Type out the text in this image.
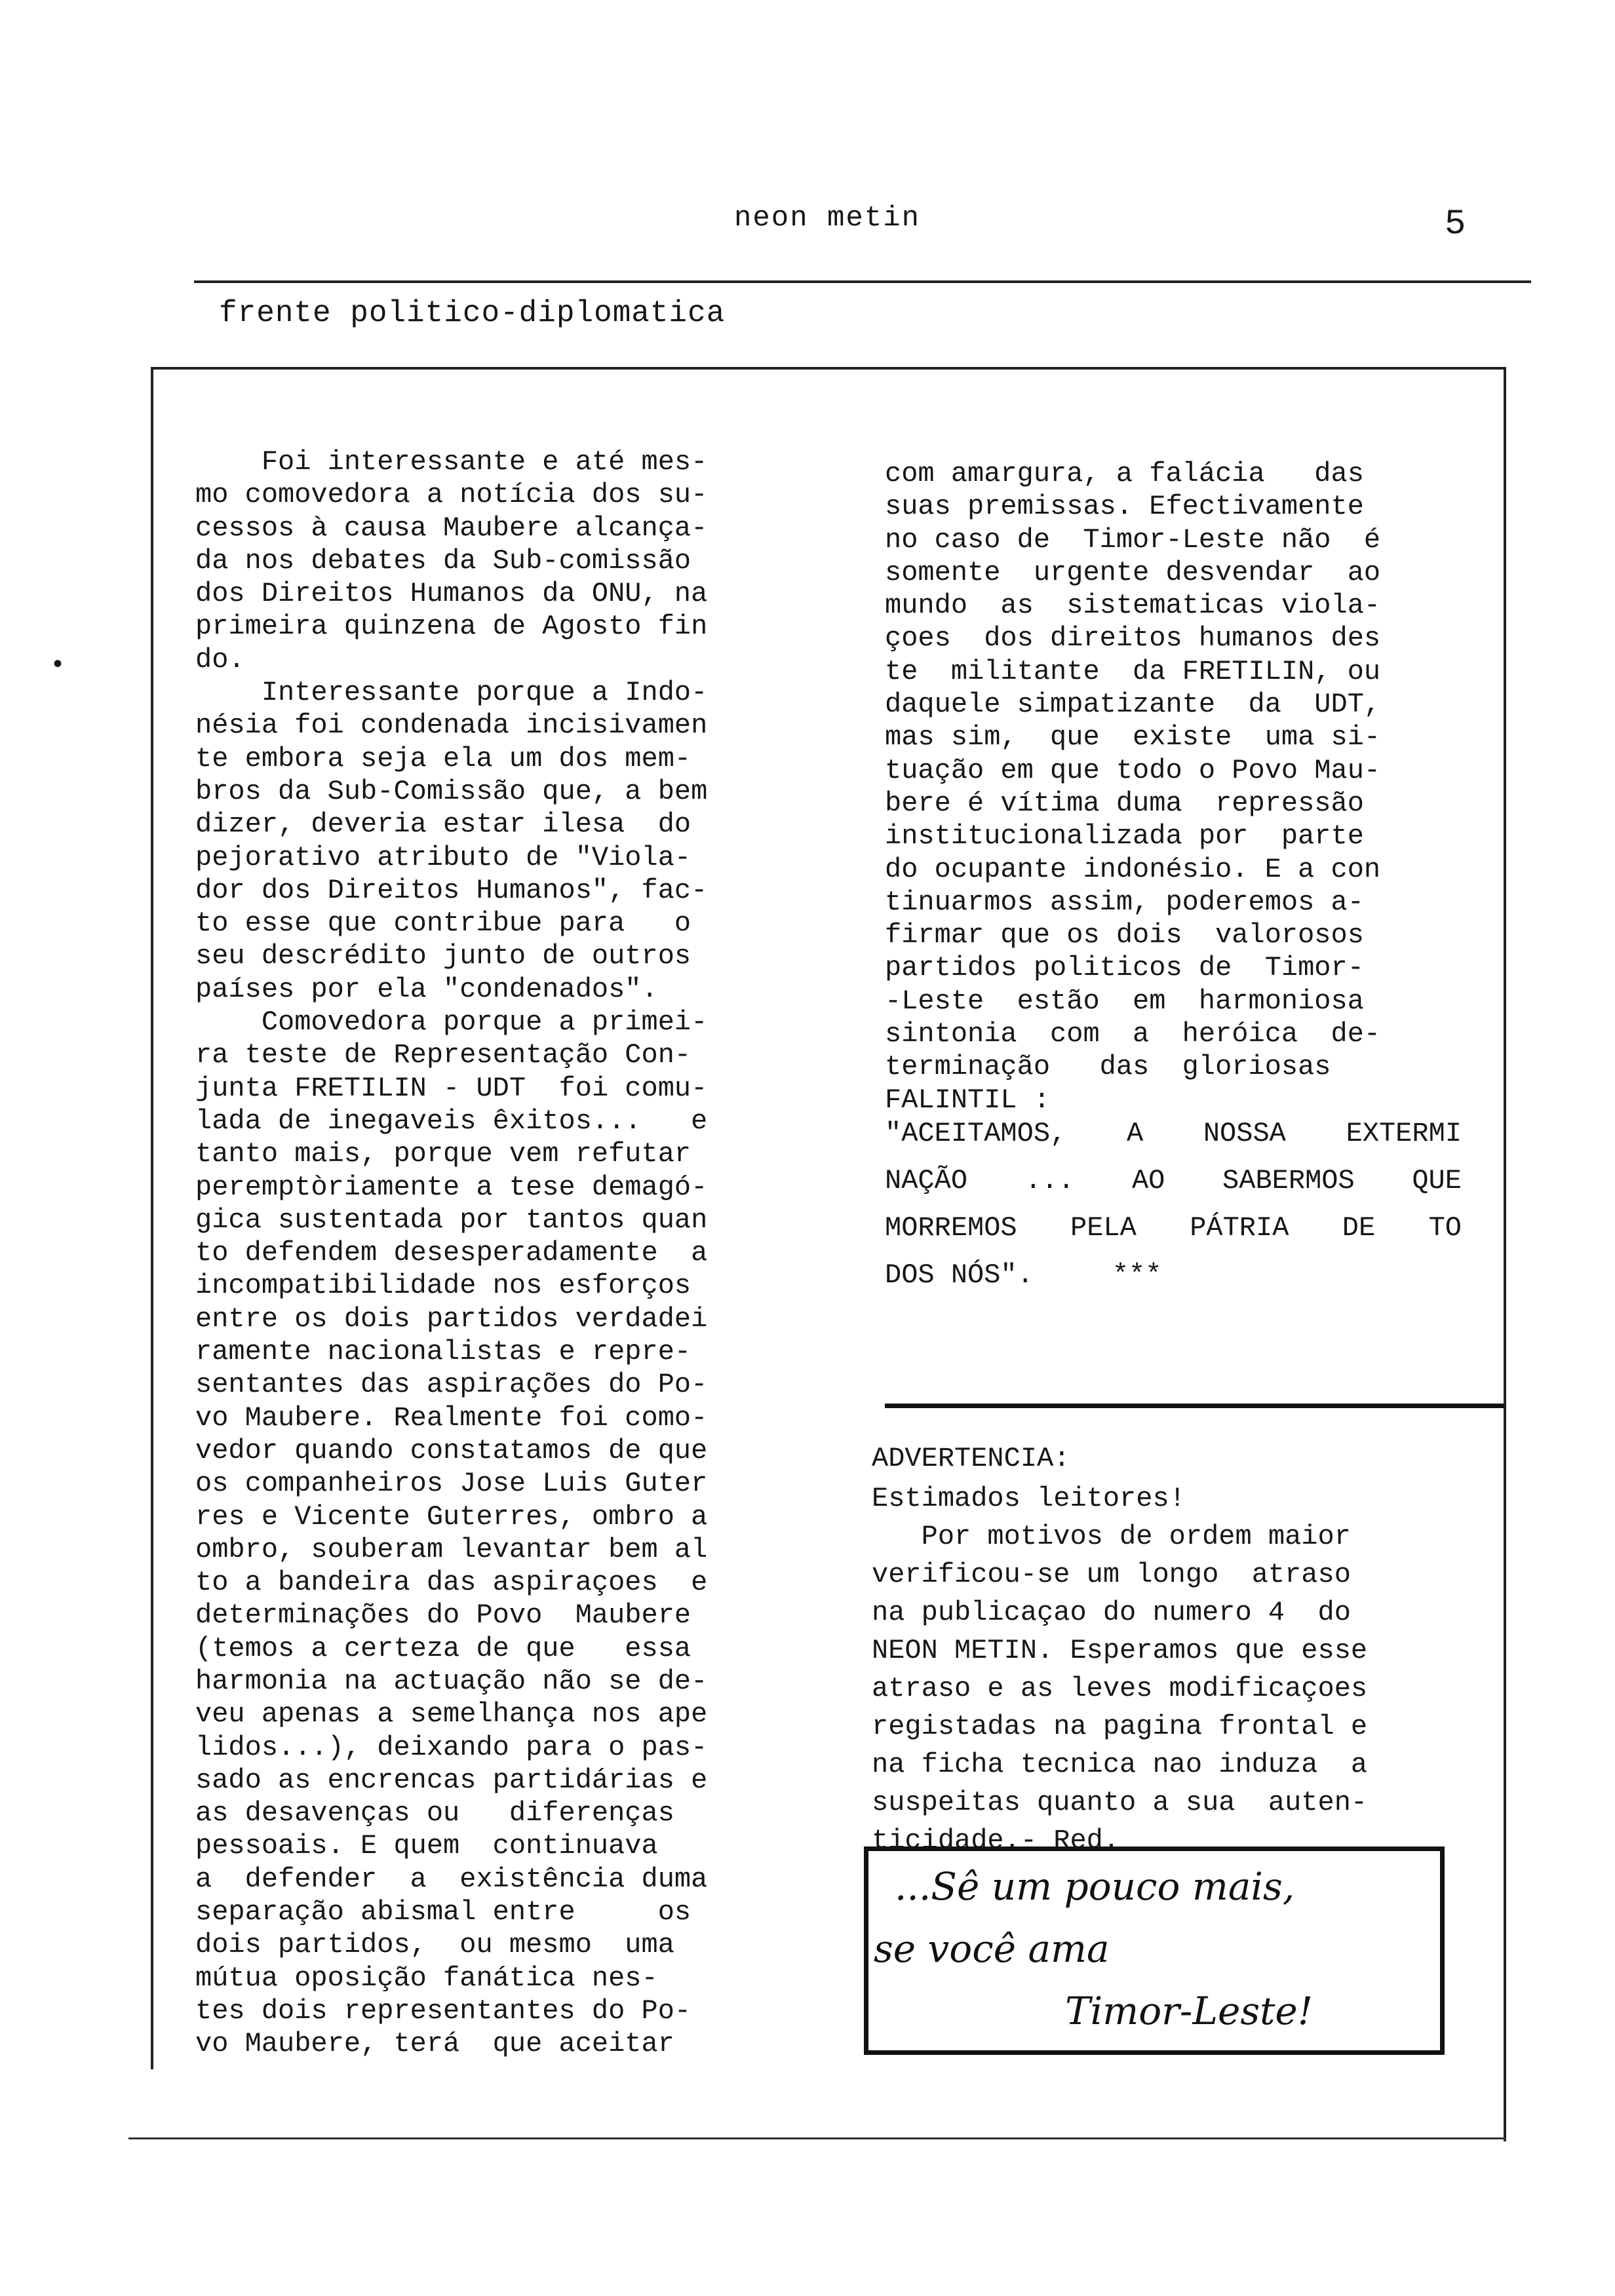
neon metin	5
frente politico-diplomatica
•
Foi interessante e até mes-
mo comovedora a notícia dos su-
cessos à causa Maubere alcança-
da nos debates da Sub-comissão
dos Direitos Humanos da ONU, na
primeira quinzena de Agosto fin
do.
Interessante porque a Indo-
nésia foi condenada incisivamen
te embora seja ela um dos mem-
bros da Sub-Comissão que, a bem
dizer, deveria estar ilesa  do
pejorativo atributo de "Viola-
dor dos Direitos Humanos", fac-
to esse que contribue para   o
seu descrédito junto de outros
países por ela "condenados".
Comovedora porque a primei-
ra teste de Representação Con-
junta FRETILIN - UDT  foi comu-
lada de inegaveis êxitos...   e
tanto mais, porque vem refutar
peremptòriamente a tese demagó-
gica sustentada por tantos quan
to defendem desesperadamente  a
incompatibilidade nos esforços
entre os dois partidos verdadei
ramente nacionalistas e repre-
sentantes das aspirações do Po-
vo Maubere. Realmente foi como-
vedor quando constatamos de que
os companheiros Jose Luis Guter
res e Vicente Guterres, ombro a
ombro, souberam levantar bem al
to a bandeira das aspiraçoes  e
determinações do Povo  Maubere
(temos a certeza de que   essa
harmonia na actuação não se de-
veu apenas a semelhança nos ape
lidos...), deixando para o pas-
sado as encrencas partidárias e
as desavenças ou   diferenças
pessoais. E quem  continuava
a  defender  a  existência duma
separação abismal entre     os
dois partidos,  ou mesmo  uma
mútua oposição fanática nes-
tes dois representantes do Po-
vo Maubere, terá  que aceitar
com amargura, a falácia   das
suas premissas. Efectivamente
no caso de  Timor-Leste não  é
somente  urgente desvendar  ao
mundo  as  sistematicas viola-
çoes  dos direitos humanos des
te  militante  da FRETILIN, ou
daquele simpatizante  da  UDT,
mas sim,  que  existe  uma si-
tuação em que todo o Povo Mau-
bere é vítima duma  repressão
institucionalizada por  parte
do ocupante indonésio. E a con
tinuarmos assim, poderemos a-
firmar que os dois  valorosos
partidos politicos de  Timor-
-Leste  estão  em  harmoniosa
sintonia  com  a  heróica  de-
terminação   das  gloriosas
FALINTIL :
"ACEITAMOS, A NOSSA EXTERMI
NAÇÃO ... AO SABERMOS QUE
MORREMOS PELA PÁTRIA DE TO
DOS NÓS".	***
ADVERTENCIA:
Estimados leitores!
Por motivos de ordem maior
verificou-se um longo  atraso
na publicaçao do numero 4  do
NEON METIN. Esperamos que esse
atraso e as leves modificaçoes
registadas na pagina frontal e
na ficha tecnica nao induza  a
suspeitas quanto a sua  auten-
ticidade.- Red.
...Sê um pouco mais,
se você ama
Timor-Leste!
